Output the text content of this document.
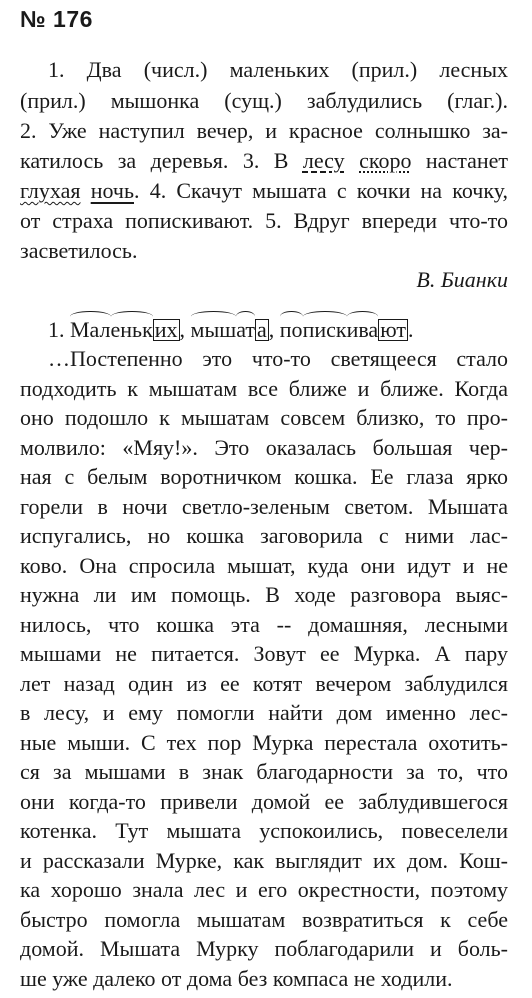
№ 176
1. Два (числ.) маленьких (прил.) лесных
(прил.) мышонка (сущ.) заблудились (глаг.).
2. Уже наступил вечер, и красное солнышко за-
катилось за деревья. 3. В лесу скоро настанет
глухая ночь. 4. Скачут мышата с кочки на кочку,
от страха попискивают. 5. Вдруг впереди что-то
засветилось.
В. Бианки
1. Маленьких, мышата, попискивают.
…Постепенно это что-то светящееся стало
подходить к мышатам все ближе и ближе. Когда
оно подошло к мышатам совсем близко, то про-
молвило: «Мяу!». Это оказалась большая чер-
ная с белым воротничком кошка. Ее глаза ярко
горели в ночи светло-зеленым светом. Мышата
испугались, но кошка заговорила с ними лас-
ково. Она спросила мышат, куда они идут и не
нужна ли им помощь. В ходе разговора выяс-
нилось, что кошка эта -- домашняя, лесными
мышами не питается. Зовут ее Мурка. А пару
лет назад один из ее котят вечером заблудился
в лесу, и ему помогли найти дом именно лес-
ные мыши. С тех пор Мурка перестала охотить-
ся за мышами в знак благодарности за то, что
они когда-то привели домой ее заблудившегося
котенка. Тут мышата успокоились, повеселели
и рассказали Мурке, как выглядит их дом. Кош-
ка хорошо знала лес и его окрестности, поэтому
быстро помогла мышатам возвратиться к себе
домой. Мышата Мурку поблагодарили и боль-
ше уже далеко от дома без компаса не ходили.
